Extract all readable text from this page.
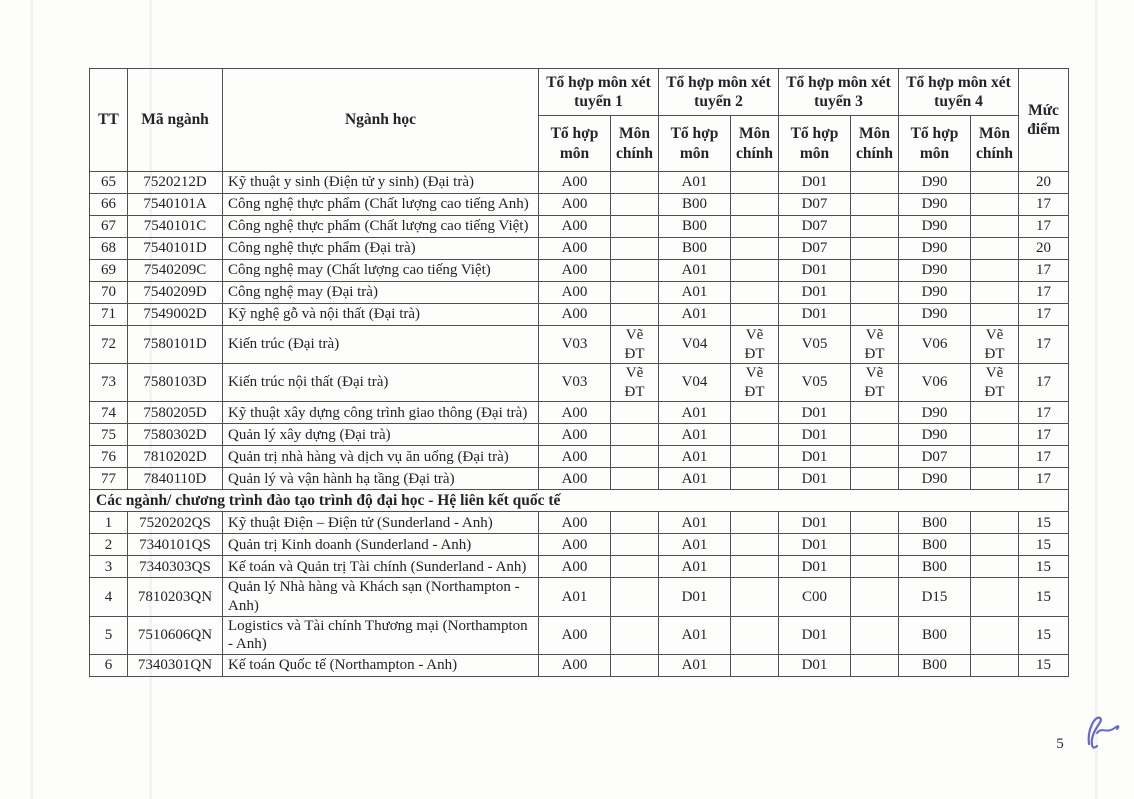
TT	Mã ngành	Ngành học	Tổ hợp môn xét tuyển 1		Tổ hợp môn xét tuyển 2		Tổ hợp môn xét tuyển 3		Tổ hợp môn xét tuyển 4		Mức điểm
			Tổ hợp môn	Môn chính	Tổ hợp môn	Môn chính	Tổ hợp môn	Môn chính	Tổ hợp môn	Môn chính	
65	7520212D	Kỹ thuật y sinh (Điện tử y sinh) (Đại trà)	A00		A01		D01		D90		20
66	7540101A	Công nghệ thực phẩm (Chất lượng cao tiếng Anh)	A00		B00		D07		D90		17
67	7540101C	Công nghệ thực phẩm (Chất lượng cao tiếng Việt)	A00		B00		D07		D90		17
68	7540101D	Công nghệ thực phẩm (Đại trà)	A00		B00		D07		D90		20
69	7540209C	Công nghệ may (Chất lượng cao tiếng Việt)	A00		A01		D01		D90		17
70	7540209D	Công nghệ may (Đại trà)	A00		A01		D01		D90		17
71	7549002D	Kỹ nghệ gỗ và nội thất (Đại trà)	A00		A01		D01		D90		17
72	7580101D	Kiến trúc (Đại trà)	V03	Vẽ ĐT	V04	Vẽ ĐT	V05	Vẽ ĐT	V06	Vẽ ĐT	17
73	7580103D	Kiến trúc nội thất (Đại trà)	V03	Vẽ ĐT	V04	Vẽ ĐT	V05	Vẽ ĐT	V06	Vẽ ĐT	17
74	7580205D	Kỹ thuật xây dựng công trình giao thông (Đại trà)	A00		A01		D01		D90		17
75	7580302D	Quản lý xây dựng (Đại trà)	A00		A01		D01		D90		17
76	7810202D	Quản trị nhà hàng và dịch vụ ăn uống (Đại trà)	A00		A01		D01		D07		17
77	7840110D	Quản lý và vận hành hạ tầng (Đại trà)	A00		A01		D01		D90		17
Các ngành/ chương trình đào tạo trình độ đại học - Hệ liên kết quốc tế											
1	7520202QS	Kỹ thuật Điện – Điện tử (Sunderland - Anh)	A00		A01		D01		B00		15
2	7340101QS	Quản trị Kinh doanh (Sunderland - Anh)	A00		A01		D01		B00		15
3	7340303QS	Kế toán và Quản trị Tài chính (Sunderland - Anh)	A00		A01		D01		B00		15
4	7810203QN	Quản lý Nhà hàng và Khách sạn (Northampton - Anh)	A01		D01		C00		D15		15
5	7510606QN	Logistics và Tài chính Thương mại (Northampton - Anh)	A00		A01		D01		B00		15
6	7340301QN	Kế toán Quốc tế (Northampton - Anh)	A00		A01		D01		B00		15
5
